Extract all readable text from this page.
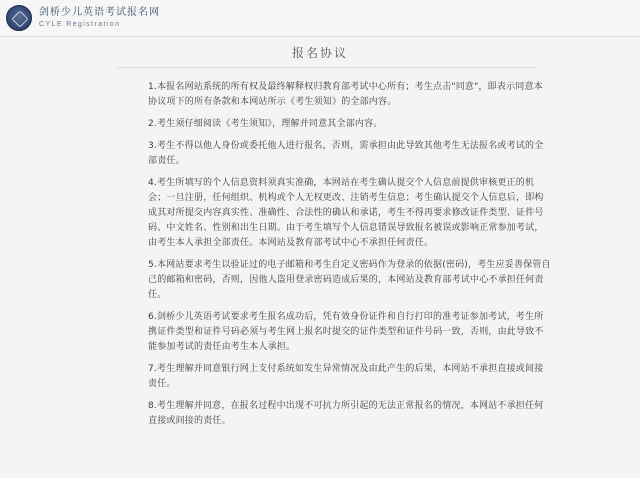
剑桥少儿英语考试报名网
CYLE Registration
报名协议

1.本报名网站系统的所有权及最终解释权归教育部考试中心所有；考生点击"同意"，即表示同意本协议项下的所有条款和本网站所示《考生须知》的全部内容。

2.考生须仔细阅读《考生须知》，理解并同意其全部内容。

3.考生不得以他人身份或委托他人进行报名，否则，需承担由此导致其他考生无法报名或考试的全部责任。

4.考生所填写的个人信息资料须真实准确，本网站在考生确认提交个人信息前提供审核更正的机会；一旦注册，任何组织、机构或个人无权更改、注销考生信息；考生确认提交个人信息后，即构成其对所提交内容真实性、准确性、合法性的确认和承诺，考生不得再要求修改证件类型、证件号码、中文姓名、性别和出生日期。由于考生填写个人信息错误导致报名被误或影响正常参加考试，由考生本人承担全部责任。本网站及教育部考试中心不承担任何责任。

5.本网站要求考生以验证过的电子邮箱和考生自定义密码作为登录的依据(密码)，考生应妥善保管自己的邮箱和密码，否则，因他人盗用登录密码造成后果的，本网站及教育部考试中心不承担任何责任。

6.剑桥少儿英语考试要求考生报名成功后，凭有效身份证件和自行打印的准考证参加考试，考生所携证件类型和证件号码必须与考生网上报名时提交的证件类型和证件号码一致，否则，由此导致不能参加考试的责任由考生本人承担。

7.考生理解并同意银行网上支付系统如发生异常情况及由此产生的后果，本网站不承担直接或间接责任。

8.考生理解并同意，在报名过程中出现不可抗力所引起的无法正常报名的情况，本网站不承担任何直接或间接的责任。
